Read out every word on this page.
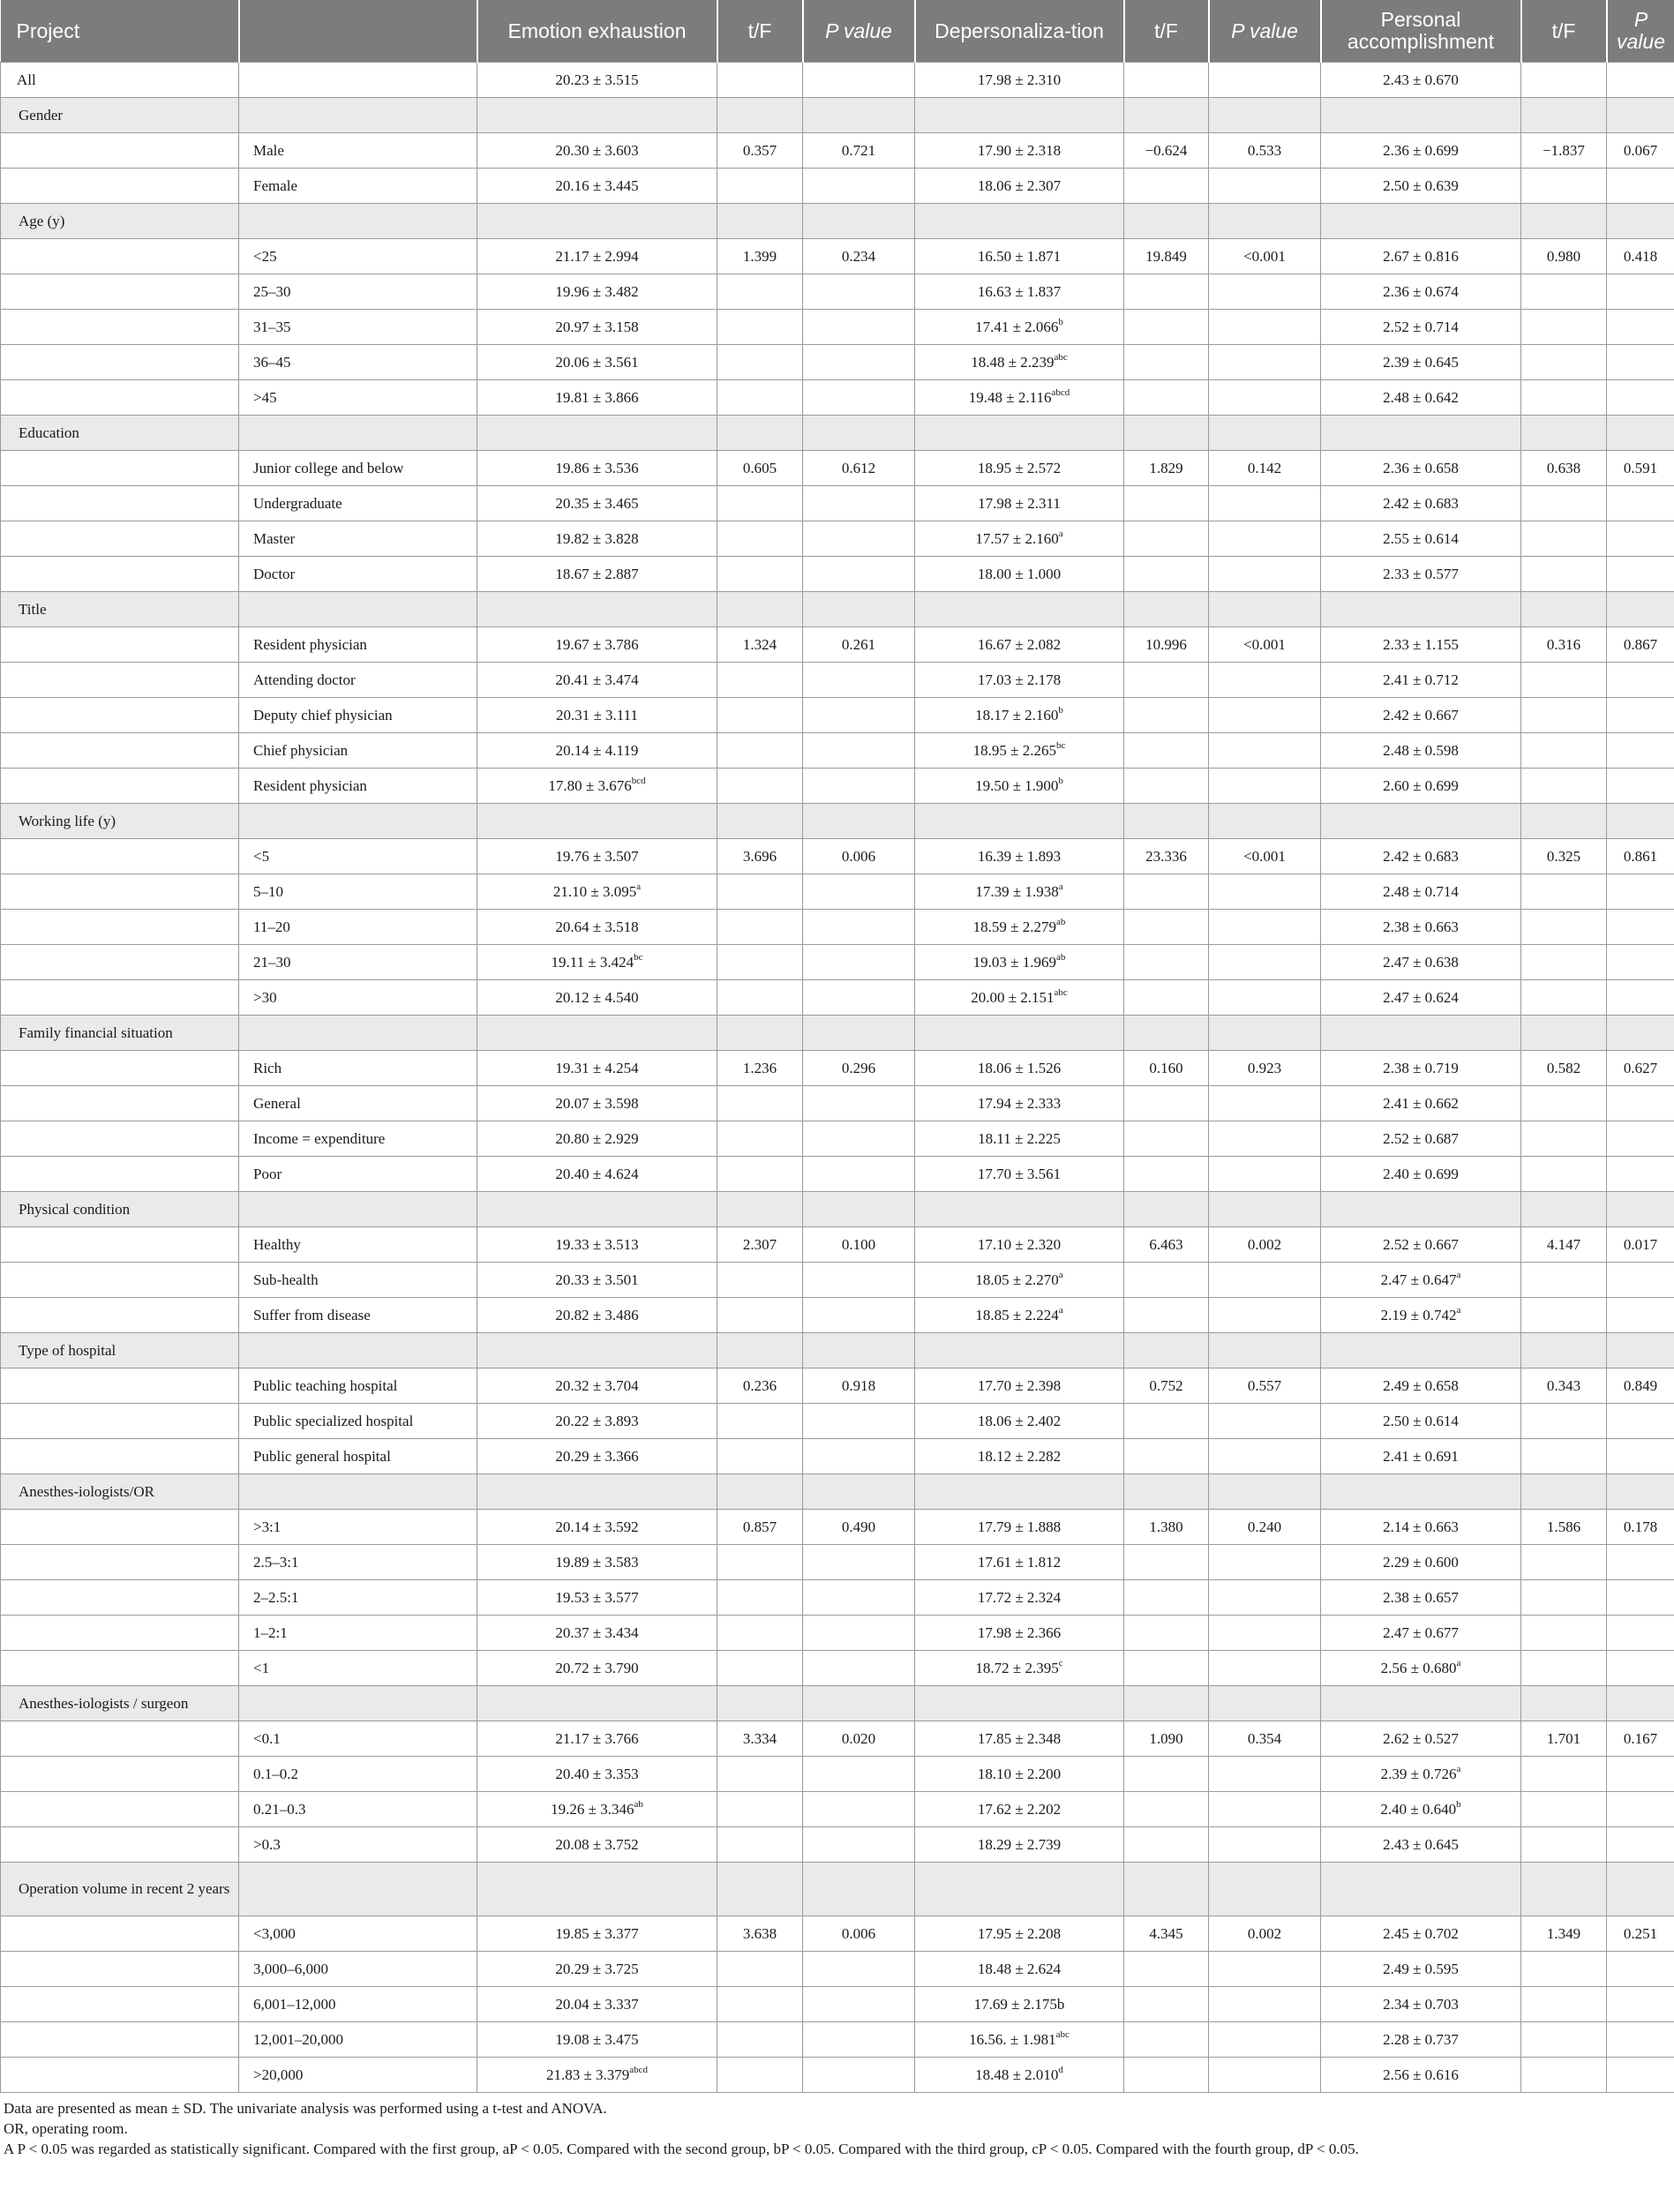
Project		Emotion exhaustion	t/F	P value	Depersonaliza-tion	t/F	P value	Personal accomplishment	t/F	P value
All		20.23 ± 3.515			17.98 ± 2.310			2.43 ± 0.670		
Gender										
	Male	20.30 ± 3.603	0.357	0.721	17.90 ± 2.318	−0.624	0.533	2.36 ± 0.699	−1.837	0.067
	Female	20.16 ± 3.445			18.06 ± 2.307			2.50 ± 0.639		
Age (y)										
	<25	21.17 ± 2.994	1.399	0.234	16.50 ± 1.871	19.849	<0.001	2.67 ± 0.816	0.980	0.418
	25–30	19.96 ± 3.482			16.63 ± 1.837			2.36 ± 0.674		
	31–35	20.97 ± 3.158			17.41 ± 2.066$^b$			2.52 ± 0.714		
	36–45	20.06 ± 3.561			18.48 ± 2.239$^{abc}$			2.39 ± 0.645		
	>45	19.81 ± 3.866			$19.48 \pm 2.116^{abcd}$			2.48 ± 0.642		
Education										
	Junior college and below	19.86 ± 3.536	0.605	0.612	18.95 ± 2.572	1.829	0.142	2.36 ± 0.658	0.638	0.591
	Undergraduate	20.35 ± 3.465			17.98 ± 2.311			2.42 ± 0.683		
	Master	19.82 ± 3.828			17.57 ± 2.160$^a$			2.55 ± 0.614		
	Doctor	18.67 ± 2.887			18.00 ± 1.000			2.33 ± 0.577		
Title										
	Resident physician	19.67 ± 3.786	1.324	0.261	16.67 ± 2.082	10.996	<0.001	2.33 ± 1.155	0.316	0.867
	Attending doctor	20.41 ± 3.474			17.03 ± 2.178			2.41 ± 0.712		
	Deputy chief physician	20.31 ± 3.111			18.17 ± 2.160$^b$			2.42 ± 0.667		
	Chief physician	20.14 ± 4.119			18.95 ± 2.265$^{bc}$			2.48 ± 0.598		
	Resident physician	17.80 ± 3.676$^{bcd}$			19.50 ± 1.900$^b$			2.60 ± 0.699		
Working life (y)										
	<5	19.76 ± 3.507	3.696	0.006	16.39 ± 1.893	23.336	<0.001	2.42 ± 0.683	0.325	0.861
	5–10	21.10 ± 3.095$^a$			17.39 ± 1.938$^a$			2.48 ± 0.714		
	11–20	20.64 ± 3.518			18.59 ± 2.279$^{ab}$			2.38 ± 0.663		
	21–30	19.11 ± 3.424$^{bc}$			19.03 ± 1.969$^{ab}$			2.47 ± 0.638		
	>30	20.12 ± 4.540			20.00 ± 2.151$^{abc}$			2.47 ± 0.624		
Family financial situation										
	Rich	19.31 ± 4.254	1.236	0.296	18.06 ± 1.526	0.160	0.923	2.38 ± 0.719	0.582	0.627
	General	20.07 ± 3.598			17.94 ± 2.333			2.41 ± 0.662		
	Income = expenditure	20.80 ± 2.929			18.11 ± 2.225			2.52 ± 0.687		
	Poor	20.40 ± 4.624			17.70 ± 3.561			2.40 ± 0.699		
Physical condition										
	Healthy	19.33 ± 3.513	2.307	0.100	17.10 ± 2.320	6.463	0.002	2.52 ± 0.667	4.147	0.017
	Sub-health	20.33 ± 3.501			18.05 ± 2.270$^a$			2.47 ± 0.647$^a$		
	Suffer from disease	20.82 ± 3.486			18.85 ± 2.224$^a$			2.19 ± 0.742$^a$		
Type of hospital										
	Public teaching hospital	20.32 ± 3.704	0.236	0.918	17.70 ± 2.398	0.752	0.557	2.49 ± 0.658	0.343	0.849
	Public specialized hospital	20.22 ± 3.893			18.06 ± 2.402			2.50 ± 0.614		
	Public general hospital	20.29 ± 3.366			18.12 ± 2.282			2.41 ± 0.691		
Anesthes-iologists/OR										
	>3:1	20.14 ± 3.592	0.857	0.490	17.79 ± 1.888	1.380	0.240	2.14 ± 0.663	1.586	0.178
	2.5–3:1	19.89 ± 3.583			17.61 ± 1.812			2.29 ± 0.600		
	2–2.5:1	19.53 ± 3.577			17.72 ± 2.324			2.38 ± 0.657		
	1–2:1	20.37 ± 3.434			17.98 ± 2.366			2.47 ± 0.677		
	<1	20.72 ± 3.790			18.72 ± 2.395$^c$			2.56 ± 0.680$^a$		
Anesthes-iologists / surgeon										
	<0.1	21.17 ± 3.766	3.334	0.020	17.85 ± 2.348	1.090	0.354	2.62 ± 0.527	1.701	0.167
	0.1–0.2	20.40 ± 3.353			18.10 ± 2.200			2.39 ± 0.726$^a$		
	0.21–0.3	19.26 ± 3.346$^{ab}$			17.62 ± 2.202			2.40 ± 0.640$^b$		
	>0.3	20.08 ± 3.752			18.29 ± 2.739			2.43 ± 0.645		
Operation volume in recent 2 years										
	<3,000	19.85 ± 3.377	3.638	0.006	17.95 ± 2.208	4.345	0.002	2.45 ± 0.702	1.349	0.251
	3,000–6,000	20.29 ± 3.725			18.48 ± 2.624			2.49 ± 0.595		
	6,001–12,000	20.04 ± 3.337			17.69 ± 2.175b			2.34 ± 0.703		
	12,001–20,000	19.08 ± 3.475			16.56. ± 1.981$^{abc}$			2.28 ± 0.737		
	>20,000	$21.83 \pm 3.379^{abcd}$			18.48 ± 2.010$^d$			2.56 ± 0.616		

Data are presented as mean ± SD. The univariate analysis was performed using a t-test and ANOVA.

OR, operating room.

A P < 0.05 was regarded as statistically significant. Compared with the first group, aP < 0.05. Compared with the second group, bP < 0.05. Compared with the third group, cP < 0.05. Compared with the fourth group, dP < 0.05.
